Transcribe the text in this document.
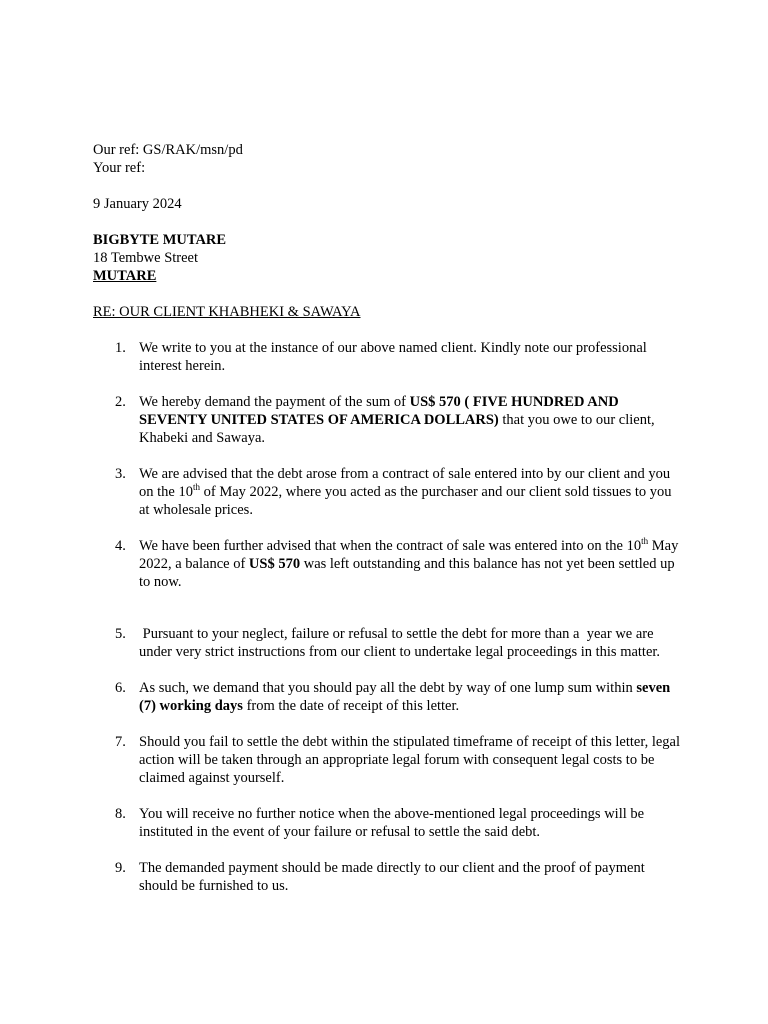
Our ref: GS/RAK/msn/pd
Your ref:
9 January 2024
BIGBYTE MUTARE
18 Tembwe Street
MUTARE
RE: OUR CLIENT KHABHEKI & SAWAYA
1. We write to you at the instance of our above named client. Kindly note our professional interest herein.
2. We hereby demand the payment of the sum of US$ 570 ( FIVE HUNDRED AND SEVENTY UNITED STATES OF AMERICA DOLLARS) that you owe to our client, Khabeki and Sawaya.
3. We are advised that the debt arose from a contract of sale entered into by our client and you on the 10th of May 2022, where you acted as the purchaser and our client sold tissues to you at wholesale prices.
4. We have been further advised that when the contract of sale was entered into on the 10th May 2022, a balance of US$ 570 was left outstanding and this balance has not yet been settled up to now.
5. Pursuant to your neglect, failure or refusal to settle the debt for more than a  year we are under very strict instructions from our client to undertake legal proceedings in this matter.
6. As such, we demand that you should pay all the debt by way of one lump sum within seven (7) working days from the date of receipt of this letter.
7. Should you fail to settle the debt within the stipulated timeframe of receipt of this letter, legal action will be taken through an appropriate legal forum with consequent legal costs to be claimed against yourself.
8. You will receive no further notice when the above-mentioned legal proceedings will be instituted in the event of your failure or refusal to settle the said debt.
9. The demanded payment should be made directly to our client and the proof of payment should be furnished to us.
